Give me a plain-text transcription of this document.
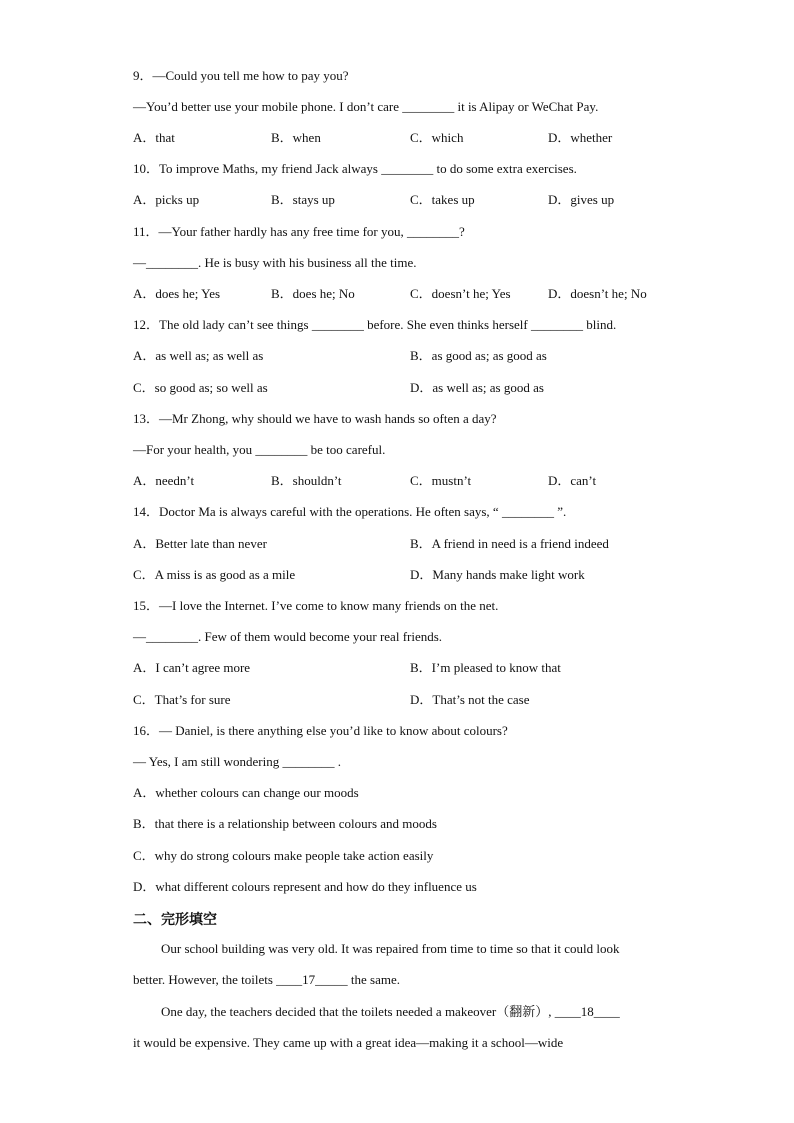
9．—Could you tell me how to pay you?
—You’d better use your mobile phone. I don’t care ________ it is Alipay or WeChat Pay.
A．that	B．when	C．which	D．whether
10．To improve Maths, my friend Jack always ________ to do some extra exercises.
A．picks up	B．stays up	C．takes up	D．gives up
11．—Your father hardly has any free time for you, ________?
—________. He is busy with his business all the time.
A．does he; Yes	B．does he; No	C．doesn’t he; Yes	D．doesn’t he; No
12．The old lady can’t see things ________ before. She even thinks herself ________ blind.
A．as well as; as well as	B．as good as; as good as
C．so good as; so well as	D．as well as; as good as
13．—Mr Zhong, why should we have to wash hands so often a day?
—For your health, you ________ be too careful.
A．needn’t	B．shouldn’t	C．mustn’t	D．can’t
14．Doctor Ma is always careful with the operations. He often says, “ ________ ”.
A．Better late than never	B．A friend in need is a friend indeed
C．A miss is as good as a mile	D．Many hands make light work
15．—I love the Internet. I’ve come to know many friends on the net.
—________. Few of them would become your real friends.
A．I can’t agree more	B．I’m pleased to know that
C．That’s for sure	D．That’s not the case
16．— Daniel, is there anything else you’d like to know about colours?
— Yes, I am still wondering ________ .
A．whether colours can change our moods
B．that there is a relationship between colours and moods
C．why do strong colours make people take action easily
D．what different colours represent and how do they influence us
二、完形填空
Our school building was very old. It was repaired from time to time so that it could look
better. However, the toilets ____17_____ the same.
One day, the teachers decided that the toilets needed a makeover（翻新）, ____18____
it would be expensive. They came up with a great idea—making it a school—wide
